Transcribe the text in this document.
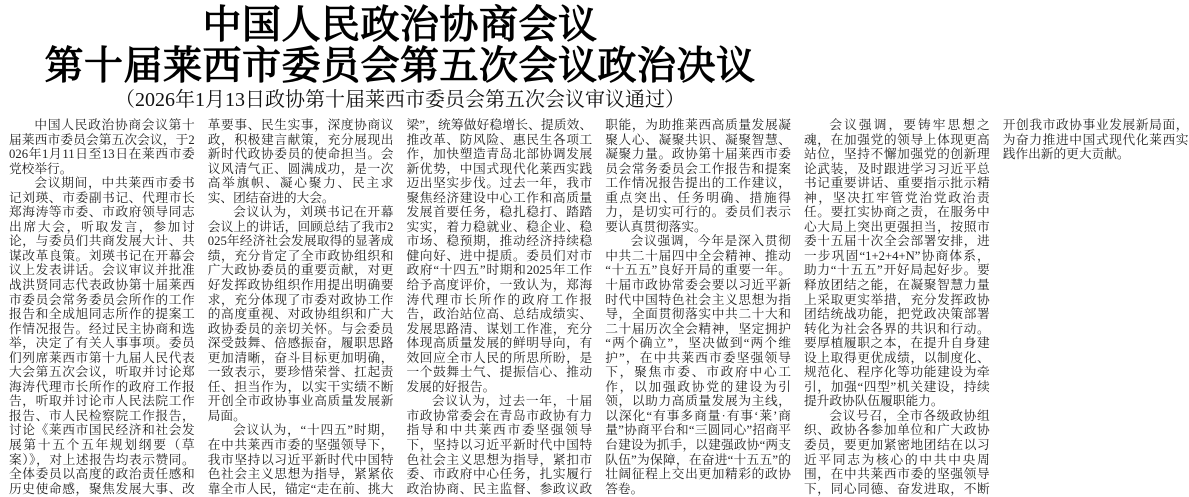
中国人民政治协商会议
第十届莱西市委员会第五次会议政治决议

（2026年1月13日政协第十届莱西市委员会第五次会议审议通过）

中国人民政治协商会议第十届莱西市委员会第五次会议，于2026年1月11日至13日在莱西市委党校举行。

会议期间，中共莱西市委书记刘瑛、市委副书记、代理市长郑海涛等市委、市政府领导同志出席大会，听取发言，参加讨论，与委员们共商发展大计、共谋改革良策。刘瑛书记在开幕会议上发表讲话。会议审议并批准战洪贤同志代表政协第十届莱西市委员会常务委员会所作的工作报告和全成旭同志所作的提案工作情况报告。经过民主协商和选举，决定了有关人事事项。委员们列席莱西市第十九届人民代表大会第五次会议，听取并讨论郑海涛代理市长所作的政府工作报告，听取并讨论市人民法院工作报告、市人民检察院工作报告，讨论《莱西市国民经济和社会发展第十五个五年规划纲要（草案）》，对上述报告均表示赞同。全体委员以高度的政治责任感和历史使命感，聚焦发展大事、改革要事、民生实事，深度协商议政，积极建言献策，充分展现出新时代政协委员的使命担当。会议风清气正、圆满成功，是一次高举旗帜、凝心聚力、民主求实、团结奋进的大会。

会议认为，刘瑛书记在开幕会议上的讲话，回顾总结了我市2025年经济社会发展取得的显著成绩，充分肯定了全市政协组织和广大政协委员的重要贡献，对更好发挥政协组织作用提出明确要求，充分体现了市委对政协工作的高度重视、对政协组织和广大政协委员的亲切关怀。与会委员深受鼓舞、倍感振奋，履职思路更加清晰，奋斗目标更加明确，一致表示，要珍惜荣誉、扛起责任、担当作为，以实干实绩不断开创全市政协事业高质量发展新局面。

会议认为，“十四五”时期，在中共莱西市委的坚强领导下，我市坚持以习近平新时代中国特色社会主义思想为指导，紧紧依靠全市人民，锚定“走在前、挑大梁”，统筹做好稳增长、提质效、推改革、防风险、惠民生各项工作，加快塑造青岛北部协调发展新优势，中国式现代化莱西实践迈出坚实步伐。过去一年，我市聚焦经济建设中心工作和高质量发展首要任务，稳扎稳打、踏踏实实，着力稳就业、稳企业、稳市场、稳预期，推动经济持续稳健向好、进中提质。委员们对市政府“十四五”时期和2025年工作给予高度评价，一致认为，郑海涛代理市长所作的政府工作报告，政治站位高、总结成绩实、发展思路清、谋划工作准，充分体现高质量发展的鲜明导向，有效回应全市人民的所思所盼，是一个鼓舞士气、提振信心、推动发展的好报告。

会议认为，过去一年，十届市政协常委会在青岛市政协有力指导和中共莱西市委坚强领导下，坚持以习近平新时代中国特色社会主义思想为指导，紧扣市委、市政府中心任务，扎实履行政治协商、民主监督、参政议政职能，为助推莱西高质量发展凝聚人心、凝聚共识、凝聚智慧、凝聚力量。政协第十届莱西市委员会常务委员会工作报告和提案工作情况报告提出的工作建议，重点突出、任务明确、措施得力，是切实可行的。委员们表示要认真贯彻落实。

会议强调，今年是深入贯彻中共二十届四中全会精神、推动“十五五”良好开局的重要一年。十届市政协常委会要以习近平新时代中国特色社会主义思想为指导，全面贯彻落实中共二十大和二十届历次全会精神，坚定拥护“两个确立”，坚决做到“两个维护”，在中共莱西市委坚强领导下，聚焦市委、市政府中心工作，以加强政协党的建设为引领，以助力高质量发展为主线，以深化“有事多商量·有事‘莱’商量”协商平台和“三圆同心”招商平台建设为抓手，以建强政协“两支队伍”为保障，在奋进“十五五”的壮阔征程上交出更加精彩的政协答卷。

会议强调，要铸牢思想之魂，在加强党的领导上体现更高站位，坚持不懈加强党的创新理论武装，及时跟进学习习近平总书记重要讲话、重要指示批示精神，坚决扛牢管党治党政治责任。要扛实协商之责，在服务中心大局上突出更强担当，按照市委十五届十次全会部署安排，进一步巩固“1+2+4+N”协商体系，助力“十五五”开好局起好步。要释放团结之能，在凝聚智慧力量上采取更实举措，充分发挥政协团结统战功能，把党政决策部署转化为社会各界的共识和行动。要厚植履职之本，在提升自身建设上取得更优成绩，以制度化、规范化、程序化等功能建设为牵引，加强“四型”机关建设，持续提升政协队伍履职能力。

会议号召，全市各级政协组织、政协各参加单位和广大政协委员，要更加紧密地团结在以习近平同志为核心的中共中央周围，在中共莱西市委的坚强领导下，同心同德、奋发进取，不断开创我市政协事业发展新局面，为奋力推进中国式现代化莱西实践作出新的更大贡献。
